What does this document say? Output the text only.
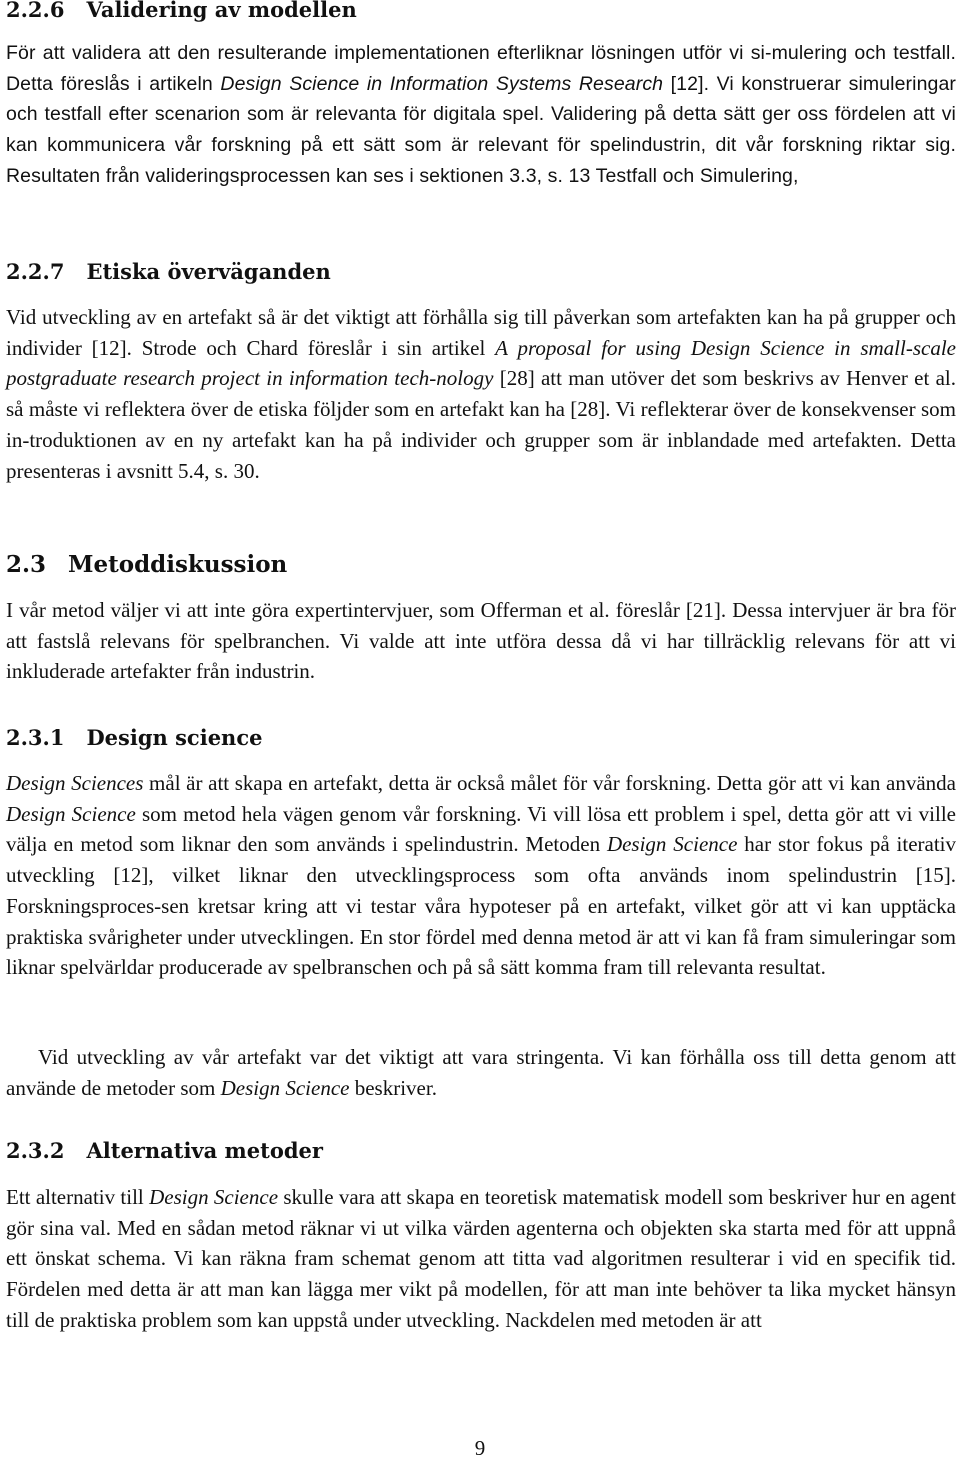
2.2.6 Validering av modellen

För att validera att den resulterande implementationen efterliknar lösningen utför vi si-mulering och testfall. Detta föreslås i artikeln Design Science in Information Systems Research [12]. Vi konstruerar simuleringar och testfall efter scenarion som är relevanta för digitala spel. Validering på detta sätt ger oss fördelen att vi kan kommunicera vår forskning på ett sätt som är relevant för spelindustrin, dit vår forskning riktar sig. Resultaten från valideringsprocessen kan ses i sektionen 3.3, s. 13 Testfall och Simulering,

2.2.7 Etiska överväganden

Vid utveckling av en artefakt så är det viktigt att förhålla sig till påverkan som artefakten kan ha på grupper och individer [12]. Strode och Chard föreslår i sin artikel A proposal for using Design Science in small-scale postgraduate research project in information tech-nology [28] att man utöver det som beskrivs av Henver et al. så måste vi reflektera över de etiska följder som en artefakt kan ha [28]. Vi reflekterar över de konsekvenser som in-troduktionen av en ny artefakt kan ha på individer och grupper som är inblandade med artefakten. Detta presenteras i avsnitt 5.4, s. 30.

2.3 Metoddiskussion

I vår metod väljer vi att inte göra expertintervjuer, som Offerman et al. föreslår [21]. Dessa intervjuer är bra för att fastslå relevans för spelbranchen. Vi valde att inte utföra dessa då vi har tillräcklig relevans för att vi inkluderade artefakter från industrin.

2.3.1 Design science

Design Sciences mål är att skapa en artefakt, detta är också målet för vår forskning. Detta gör att vi kan använda Design Science som metod hela vägen genom vår forskning. Vi vill lösa ett problem i spel, detta gör att vi ville välja en metod som liknar den som används i spelindustrin. Metoden Design Science har stor fokus på iterativ utveckling [12], vilket liknar den utvecklingsprocess som ofta används inom spelindustrin [15]. Forskningsproces-sen kretsar kring att vi testar våra hypoteser på en artefakt, vilket gör att vi kan upptäcka praktiska svårigheter under utvecklingen. En stor fördel med denna metod är att vi kan få fram simuleringar som liknar spelvärldar producerade av spelbranschen och på så sätt komma fram till relevanta resultat.

Vid utveckling av vår artefakt var det viktigt att vara stringenta. Vi kan förhålla oss till detta genom att använde de metoder som Design Science beskriver.

2.3.2 Alternativa metoder

Ett alternativ till Design Science skulle vara att skapa en teoretisk matematisk modell som beskriver hur en agent gör sina val. Med en sådan metod räknar vi ut vilka värden agenterna och objekten ska starta med för att uppnå ett önskat schema. Vi kan räkna fram schemat genom att titta vad algoritmen resulterar i vid en specifik tid. Fördelen med detta är att man kan lägga mer vikt på modellen, för att man inte behöver ta lika mycket hänsyn till de praktiska problem som kan uppstå under utveckling. Nackdelen med metoden är att

9
